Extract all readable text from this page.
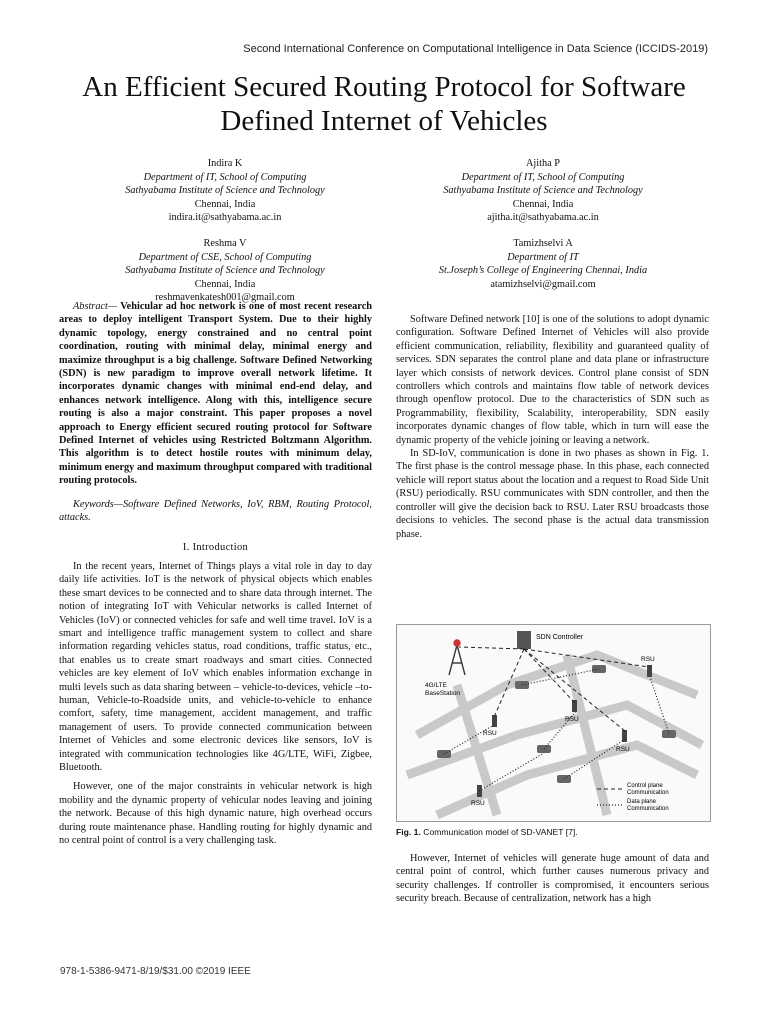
Second International Conference on Computational Intelligence in Data Science (ICCIDS-2019)
An Efficient Secured Routing Protocol for Software Defined Internet of Vehicles
Indira K
Department of IT, School of Computing
Sathyabama Institute of Science and Technology
Chennai, India
indira.it@sathyabama.ac.in
Ajitha P
Department of IT, School of Computing
Sathyabama Institute of Science and Technology
Chennai, India
ajitha.it@sathyabama.ac.in
Reshma V
Department of CSE, School of Computing
Sathyabama Institute of Science and Technology
Chennai, India
reshmavenkatesh001@gmail.com
Tamizhselvi A
Department of IT
St.Joseph’s College of Engineering Chennai, India
atamizhselvi@gmail.com

Abstract— Vehicular ad hoc network is one of most recent research areas to deploy intelligent Transport System. Due to their highly dynamic topology, energy constrained and no central point coordination, routing with minimal delay, minimal energy and maximize throughput is a big challenge. Software Defined Networking (SDN) is new paradigm to improve overall network lifetime. It incorporates dynamic changes with minimal end-end delay, and enhances network intelligence. Along with this, intelligence secure routing is also a major constraint. This paper proposes a novel approach to Energy efficient secured routing protocol for Software Defined Internet of vehicles using Restricted Boltzmann Algorithm. This algorithm is to detect hostile routes with minimum delay, minimum energy and maximum throughput compared with traditional routing protocols.

Keywords—Software Defined Networks, IoV, RBM, Routing Protocol, attacks.

I. Introduction

In the recent years, Internet of Things plays a vital role in day to day daily life activities. IoT is the network of physical objects which enables these smart devices to be connected and to share data through internet. The notion of integrating IoT with Vehicular networks is called Internet of Vehicles (IoV) or connected vehicles for safe and well time travel. IoV is a smart and intelligence traffic management system to collect and share information regarding vehicles status, road conditions, traffic status, etc., that enables us to create smart roadways and smart cities. Connected vehicles are key element of IoV which enables information exchange in multi levels such as data sharing between – vehicle-to-devices, vehicle –to- human, Vehicle-to-Roadside units, and vehicle-to-vehicle to enhance comfort, safety, time management, accident management, and traffic management of users. To provide connected communication between Internet of Vehicles and some electronic devices like sensors, IoV is integrated with communication technologies like 4G/LTE, WiFi, Zigbee, Bluetooth.

However, one of the major constraints in vehicular network is high mobility and the dynamic property of vehicular nodes leaving and joining the network. Because of this high dynamic nature, high overhead occurs during route maintenance phase. Handling routing for highly dynamic and no central point of control is a very challenging task.

Software Defined network [10] is one of the solutions to adopt dynamic configuration. Software Defined Internet of Vehicles will also provide efficient communication, reliability, flexibility and guaranteed quality of services. SDN separates the control plane and data plane or infrastructure layer which consists of network devices. Control plane consist of SDN controllers which controls and maintains flow table of network devices through openflow protocol. Due to the characteristics of SDN such as Programmability, flexibility, Scalability, interoperability, SDN easily incorporates dynamic changes of flow table, which in turn will ease the dynamic property of the vehicle joining or leaving a network.

In SD-IoV, communication is done in two phases as shown in Fig. 1. The first phase is the control message phase. In this phase, each connected vehicle will report status about the location and a request to Road Side Unit (RSU) periodically. RSU communicates with SDN controller, and then the controller will give the decision back to RSU. Later RSU broadcasts those decisions to vehicles. The second phase is the actual data transmission phase.

4G/LTE
BaseStation
SDN Controller
RSU
RSU
RSU
RSU
RSU
Control plane
Communication
Data plane
Communication
Fig. 1. Communication model of SD-VANET [7].

However, Internet of vehicles will generate huge amount of data and central point of control, which further causes numerous privacy and security challenges. If controller is compromised, it encounters serious security breach. Because of centralization, network has a high

978-1-5386-9471-8/19/$31.00 ©2019 IEEE
